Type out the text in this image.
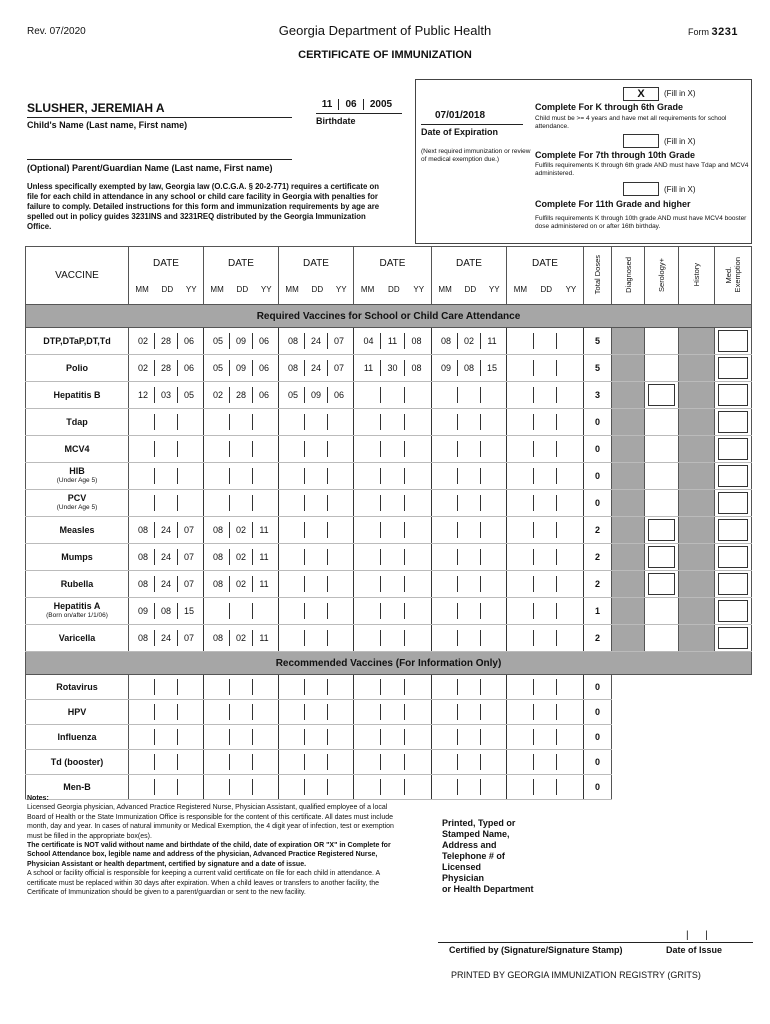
Rev. 07/2020	Georgia Department of Public Health	Form 3231
CERTIFICATE OF IMMUNIZATION
SLUSHER, JEREMIAH A
Child's Name (Last name, First name)
11 06 2005
Birthdate
(Optional) Parent/Guardian Name (Last name, First name)
Unless specifically exempted by law, Georgia law (O.C.G.A. § 20-2-771) requires a certificate on file for each child in attendance in any school or child care facility in Georgia with penalties for failure to comply. Detailed instructions for this form and immunization requirements by age are spelled out in policy guides 3231INS and 3231REQ distributed by the Georgia Immunization Office.
07/01/2018
Date of Expiration
(Next required immunization or review of medical exemption due.)
X	(Fill in X)
Complete For K through 6th Grade
Child must be >= 4 years and have met all requirements for school attendance.
(Fill in X)
Complete For 7th through 10th Grade
Fulfills requirements K through 6th grade AND must have Tdap and MCV4 administered.
(Fill in X)
Complete For 11th Grade and higher
Fulfills requirements K through 10th grade AND must have MCV4 booster dose administered on or after 16th birthday.
VACCINE	DATE
MM DD YY	DATE
MM DD YY	DATE
MM DD YY	DATE
MM DD YY	DATE
MM DD YY	DATE
MM DD YY	Total Doses	Diagnosed	Serology+	History	Med.
Exemption
Required Vaccines for School or Child Care Attendance											
DTP,DTaP,DT,Td	02 28 06	05 09 06	08 24 07	04 11 08	08 02 11		5				

Polio	02 28 06	05 09 06	08 24 07	11 30 08	09 08 15		5				

Hepatitis B	12 03 05	02 28 06	05 09 06				3		

Tdap							0				

MCV4							0				

HIB
(Under Age 5)							0				

PCV
(Under Age 5)							0				

Measles	08 24 07	08 02 11					2		

Mumps	08 24 07	08 02 11					2		

Rubella	08 24 07	08 02 11					2		

Hepatitis A
(Born on/after 1/1/06)	09 08 15						1				

Varicella	08 24 07	08 02 11					2				

Recommended Vaccines (For Information Only)											
Rotavirus							0				
HPV							0				
Influenza							0				
Td (booster)							0				
Men-B							0				
Notes:
Licensed Georgia physician, Advanced Practice Registered Nurse, Physician Assistant, qualified employee of a local Board of Health or the State Immunization Office is responsible for the content of this certificate. All dates must include month, day and year. In cases of natural immunity or Medical Exemption, the 4 digit year of infection, test or exemption must be filled in the appropriate box(es).
The certificate is NOT valid without name and birthdate of the child, date of expiration OR "X" in Complete for School Attendance box, legible name and address of the physician, Advanced Practice Registered Nurse, Physician Assistant or health department, certified by signature and a date of issue.
A school or facility official is responsible for keeping a current valid certificate on file for each child in attendance. A certificate must be replaced within 30 days after expiration. When a child leaves or transfers to another facility, the Certificate of Immunization should be given to a parent/guardian or sent to the new facility.
Printed, Typed or
Stamped Name,
Address and
Telephone # of
Licensed
Physician
or Health Department
|      |
Certified by (Signature/Signature Stamp)	Date of Issue
PRINTED BY GEORGIA IMMUNIZATION REGISTRY (GRITS)
